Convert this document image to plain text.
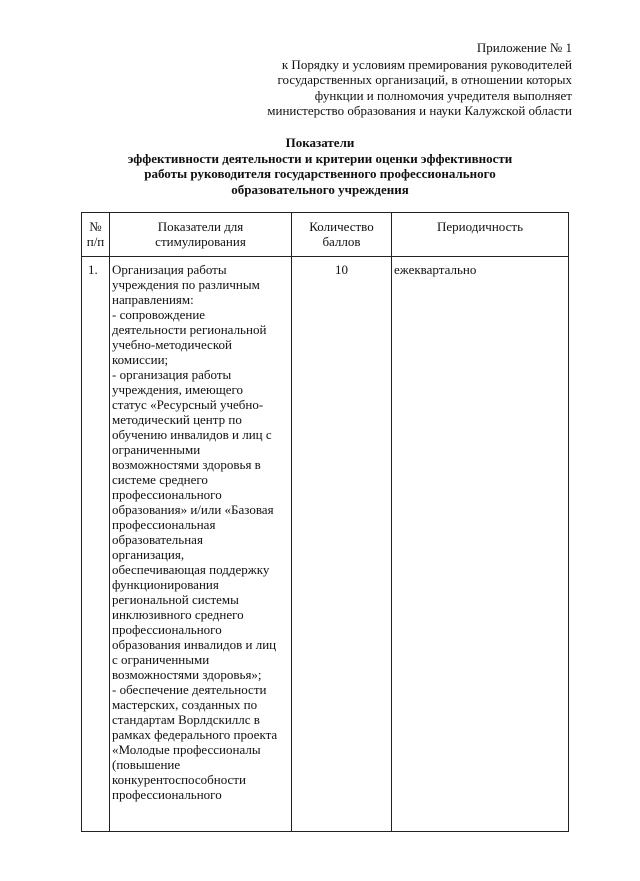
Приложение № 1
к Порядку и условиям премирования руководителей
государственных организаций, в отношении которых
функции и полномочия учредителя выполняет
министерство образования и науки Калужской области
Показатели
эффективности деятельности и критерии оценки эффективности
работы руководителя государственного профессионального
образовательного учреждения
№
п/п
Показатели для
стимулирования
Количество
баллов
Периодичность
1.	10	ежеквартально
Организация работы
учреждения по различным
направлениям:
- сопровождение
деятельности региональной
учебно-методической
комиссии;
- организация работы
учреждения, имеющего
статус «Ресурсный учебно-
методический центр по
обучению инвалидов и лиц с
ограниченными
возможностями здоровья в
системе среднего
профессионального
образования» и/или «Базовая
профессиональная
образовательная
организация,
обеспечивающая поддержку
функционирования
региональной системы
инклюзивного среднего
профессионального
образования инвалидов и лиц
с ограниченными
возможностями здоровья»;
- обеспечение деятельности
мастерских, созданных по
стандартам Ворлдскиллс в
рамках федерального проекта
«Молодые профессионалы
(повышение
конкурентоспособности
профессионального
